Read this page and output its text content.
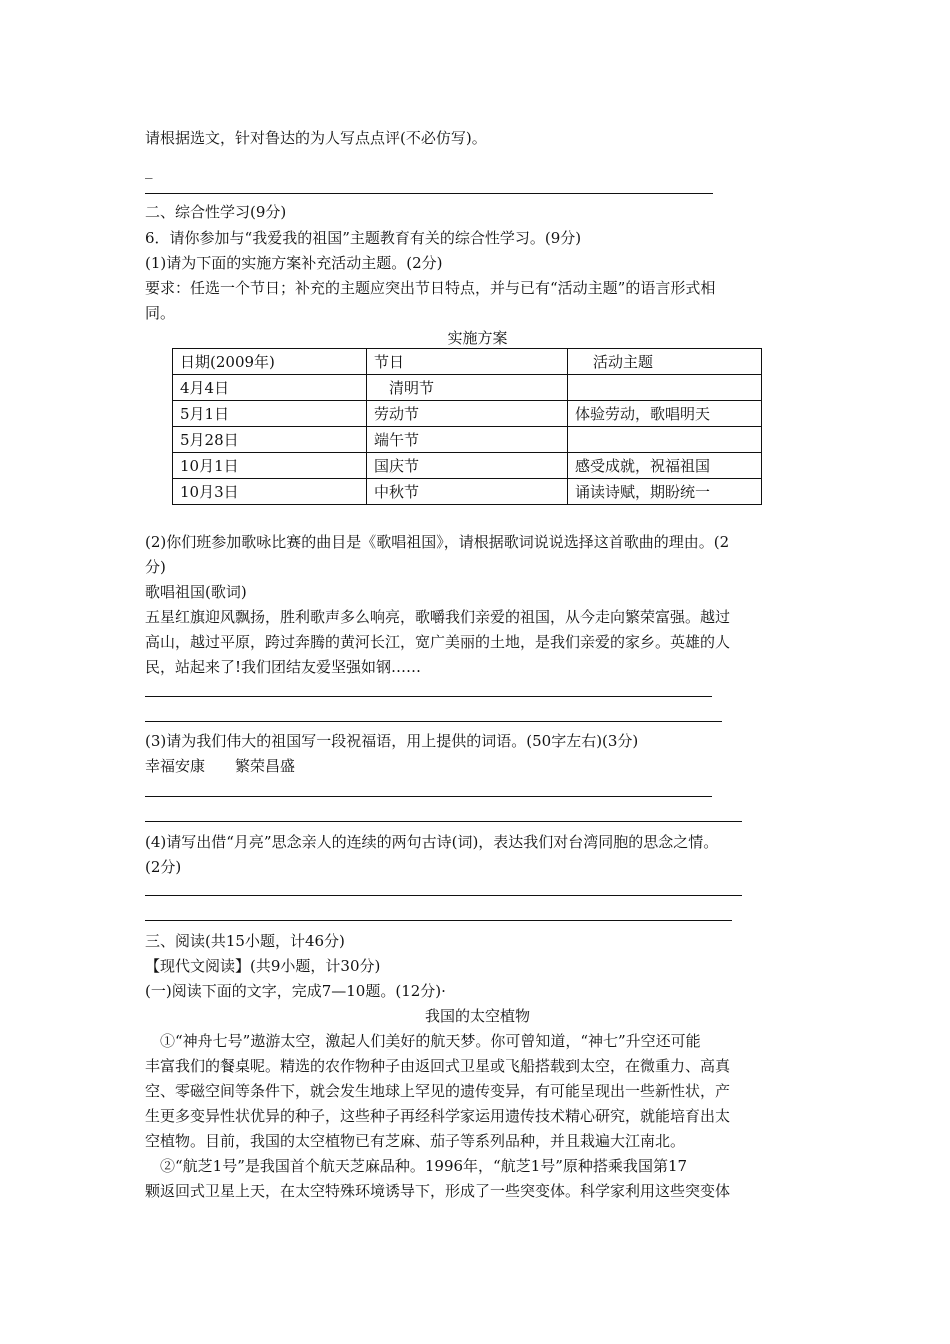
请根据选文，针对鲁达的为人写点点评(不必仿写)。
_
二、综合性学习(9分)
6．请你参加与“我爱我的祖国”主题教育有关的综合性学习。(9分)
(1)请为下面的实施方案补充活动主题。(2分)
要求：任选一个节日；补充的主题应突出节日特点，并与已有“活动主题”的语言形式相
同。
实施方案
日期(2009年)	节日	活动主题
4月4日	清明节	
5月1日	劳动节	体验劳动，歌唱明天
5月28日	端午节	
10月1日	国庆节	感受成就，祝福祖国
10月3日	中秋节	诵读诗赋，期盼统一
(2)你们班参加歌咏比赛的曲目是《歌唱祖国》，请根据歌词说说选择这首歌曲的理由。(2
分)
歌唱祖国(歌词)
五星红旗迎风飘扬，胜利歌声多么响亮，歌嚼我们亲爱的祖国，从今走向繁荣富强。越过
高山，越过平原，跨过奔腾的黄河长江，宽广美丽的土地，是我们亲爱的家乡。英雄的人
民，站起来了!我们团结友爱坚强如钢……
(3)请为我们伟大的祖国写一段祝福语，用上提供的词语。(50字左右)(3分)
幸福安康　　繁荣昌盛
(4)请写出借“月亮”思念亲人的连续的两句古诗(词)，表达我们对台湾同胞的思念之情。
(2分)
三、阅读(共15小题，计46分)
【现代文阅读】(共9小题，计30分)
(一)阅读下面的文字，完成7—10题。(12分)·
我国的太空植物
　①“神舟七号”遨游太空，激起人们美好的航天梦。你可曾知道，“神七”升空还可能
丰富我们的餐桌呢。精选的农作物种子由返回式卫星或飞船搭载到太空，在微重力、高真
空、零磁空间等条件下，就会发生地球上罕见的遗传变异，有可能呈现出一些新性状，产
生更多变异性状优异的种子，这些种子再经科学家运用遗传技术精心研究，就能培育出太
空植物。目前，我国的太空植物已有芝麻、茄子等系列品种，并且栽遍大江南北。
　②“航芝1号”是我国首个航天芝麻品种。1996年，“航芝1号”原种搭乘我国第17
颗返回式卫星上天，在太空特殊环境诱导下，形成了一些突变体。科学家利用这些突变体
